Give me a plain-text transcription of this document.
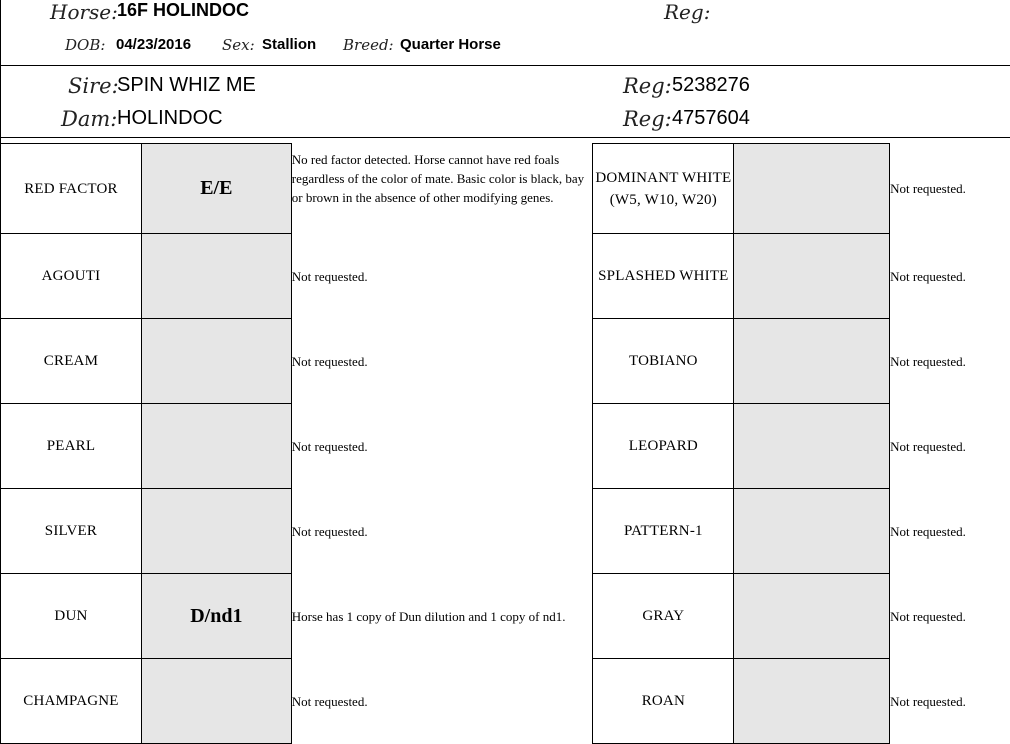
Horse: 16F HOLINDOC	Reg:
DOB: 04/23/2016 Sex: Stallion Breed: Quarter Horse
Sire:
SPIN WHIZ ME	Reg: 5238276
Dam: HOLINDOC	Reg: 4757604
RED FACTOR	E/E	No red factor detected. Horse cannot have red foals regardless of the color of mate. Basic color is black, bay or brown in the absence of other modifying genes.	DOMINANT WHITE (W5, W10, W20)		Not requested.
AGOUTI		Not requested.	SPLASHED WHITE		Not requested.
CREAM		Not requested.	TOBIANO		Not requested.
PEARL		Not requested.	LEOPARD		Not requested.
SILVER		Not requested.	PATTERN-1		Not requested.
DUN	D/nd1	Horse has 1 copy of Dun dilution and 1 copy of nd1.	GRAY		Not requested.
CHAMPAGNE		Not requested.	ROAN		Not requested.
